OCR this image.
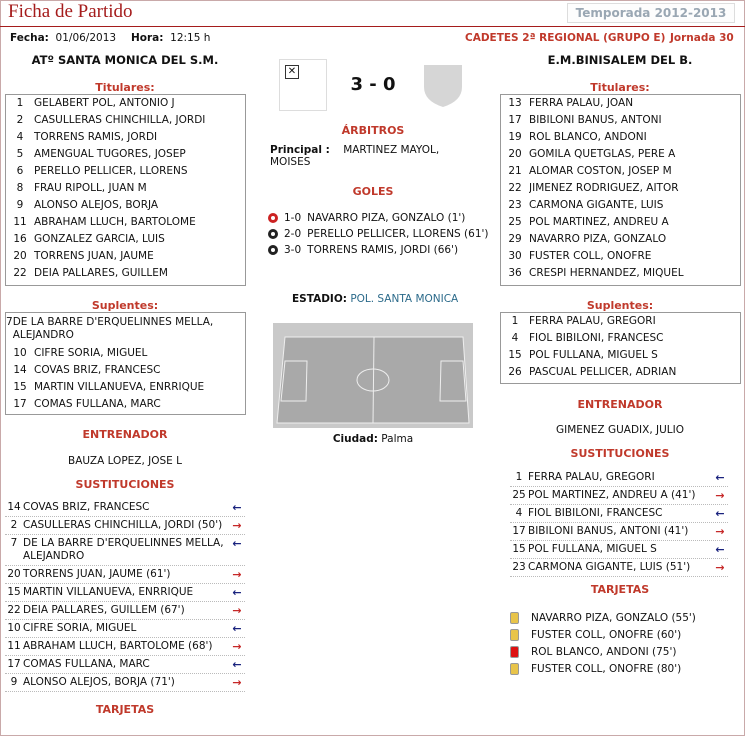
Ficha de Partido	Temporada 2012-2013
Fecha: 01/06/2013 Hora: 12:15 h	CADETES 2ª REGIONAL (GRUPO E) Jornada 30
ATº SANTA MONICA DEL S.M.	E.M.BINISALEM DEL B.
✕
3 - 0
Titulares:
1	GELABERT POL, ANTONIO J
2	CASULLERAS CHINCHILLA, JORDI
4	TORRENS RAMIS, JORDI
5	AMENGUAL TUGORES, JOSEP
6	PERELLO PELLICER, LLORENS
8	FRAU RIPOLL, JUAN M
9	ALONSO ALEJOS, BORJA
11 ABRAHAM LLUCH, BARTOLOME
16 GONZALEZ GARCIA, LUIS
20 TORRENS JUAN, JAUME
22 DEIA PALLARES, GUILLEM
Titulares:
13 FERRA PALAU, JOAN
17 BIBILONI BANUS, ANTONI
19 ROL BLANCO, ANDONI
20 GOMILA QUETGLAS, PERE A
21 ALOMAR COSTON, JOSEP M
22 JIMENEZ RODRIGUEZ, AITOR
23 CARMONA GIGANTE, LUIS
25 POL MARTINEZ, ANDREU A
29 NAVARRO PIZA, GONZALO
30 FUSTER COLL, ONOFRE
36 CRESPI HERNANDEZ, MIQUEL
Suplentes:
7 DE LA BARRE D'ERQUELINNES MELLA, ALEJANDRO
10 CIFRE SORIA, MIGUEL
14 COVAS BRIZ, FRANCESC
15 MARTIN VILLANUEVA, ENRRIQUE
17 COMAS FULLANA, MARC
Suplentes:
1	FERRA PALAU, GREGORI
4	FIOL BIBILONI, FRANCESC
15 POL FULLANA, MIGUEL S
26 PASCUAL PELLICER, ADRIAN
ÁRBITROS
Principal : MARTINEZ MAYOL, MOISES
GOLES
1-0 NAVARRO PIZA, GONZALO (1')
2-0 PERELLO PELLICER, LLORENS (61')
3-0 TORRENS RAMIS, JORDI (66')
ESTADIO: POL. SANTA MONICA
Ciudad: Palma
ENTRENADOR
BAUZA LOPEZ, JOSE L
ENTRENADOR
GIMENEZ GUADIX, JULIO
SUSTITUCIONES
14 COVAS BRIZ, FRANCESC	←
2 CASULLERAS CHINCHILLA, JORDI (50') →
7 DE LA BARRE D'ERQUELINNES MELLA, ALEJANDRO
←
20 TORRENS JUAN, JAUME (61')	→
15 MARTIN VILLANUEVA, ENRRIQUE	←
22 DEIA PALLARES, GUILLEM (67')	→
10 CIFRE SORIA, MIGUEL	←
11 ABRAHAM LLUCH, BARTOLOME (68')	→
17 COMAS FULLANA, MARC	←
9 ALONSO ALEJOS, BORJA (71')	→
SUSTITUCIONES
1 FERRA PALAU, GREGORI	←
25 POL MARTINEZ, ANDREU A (41')	→
4 FIOL BIBILONI, FRANCESC	←
17 BIBILONI BANUS, ANTONI (41')	→
15 POL FULLANA, MIGUEL S	←
23 CARMONA GIGANTE, LUIS (51')	→
TARJETAS
NAVARRO PIZA, GONZALO (55')
FUSTER COLL, ONOFRE (60')
ROL BLANCO, ANDONI (75')
FUSTER COLL, ONOFRE (80')
TARJETAS
